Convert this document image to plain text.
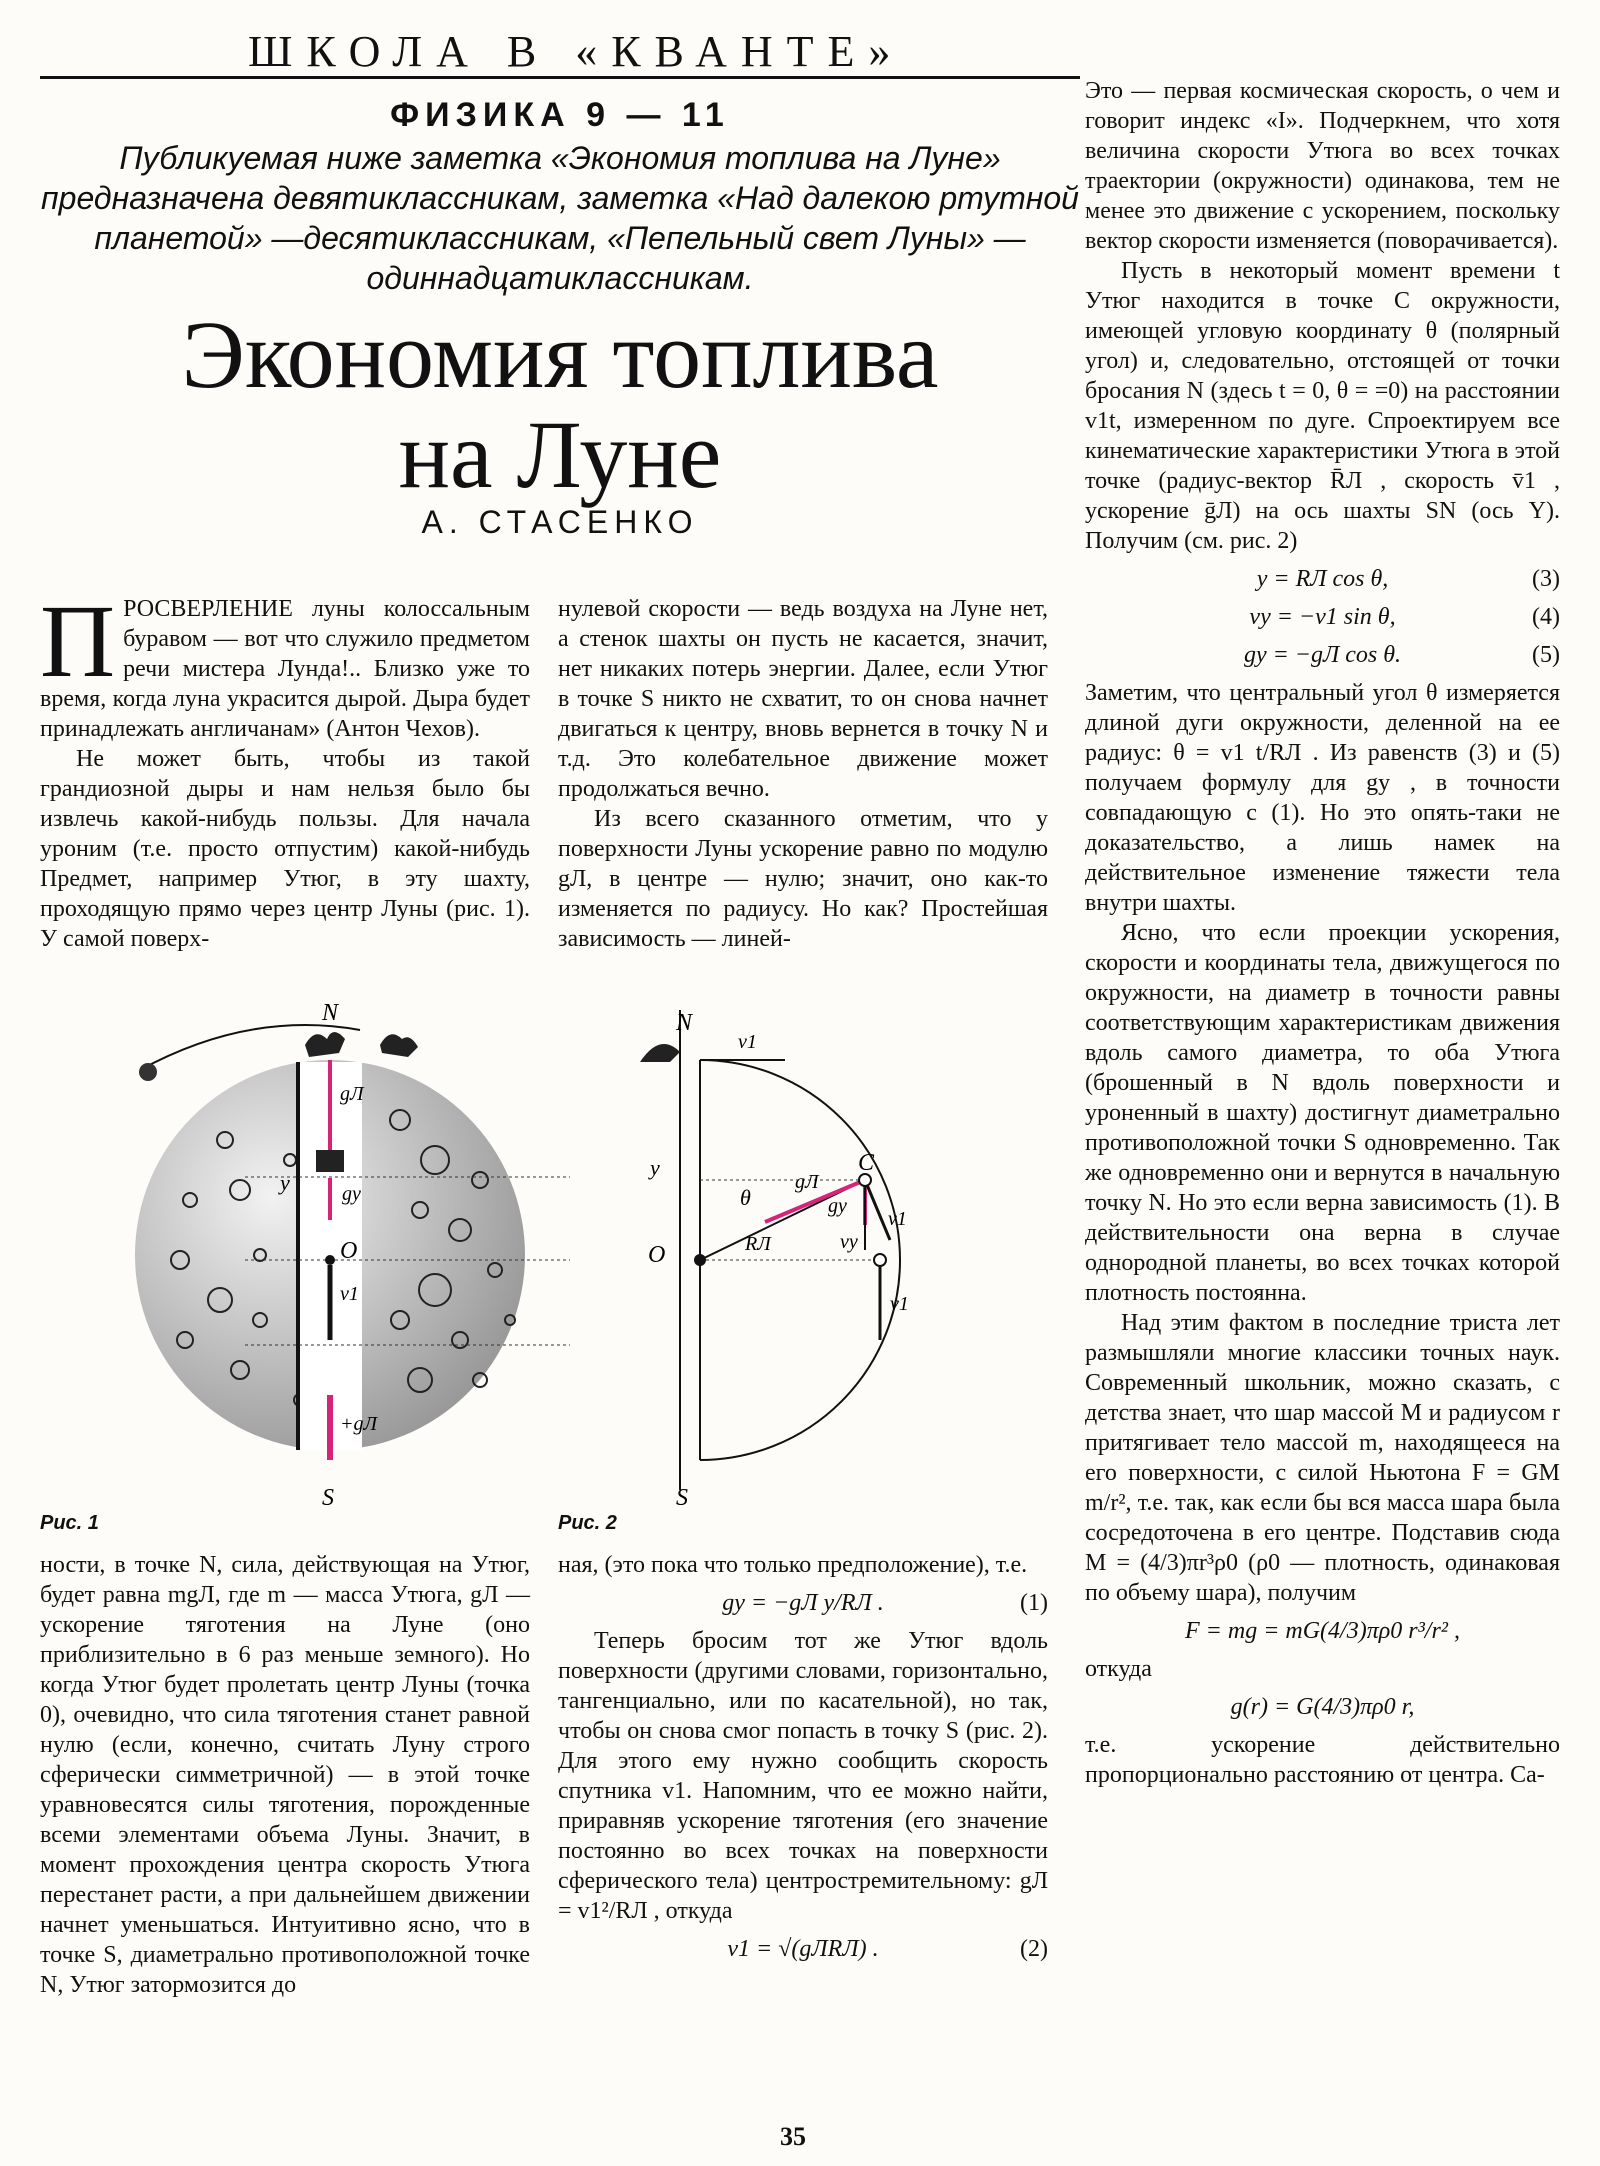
ШКОЛА В «КВАНТЕ»
ФИЗИКА 9 — 11
Публикуемая ниже заметка «Экономия топлива на Луне» предназначена девятиклассникам, заметка «Над далекою ртутной планетой» —десятиклассникам, «Пепельный свет Луны» — одиннадцатиклассникам.
Экономия топлива
на Луне
А. СТАСЕНКО

ПРОСВЕРЛЕНИЕ луны колоссальным буравом — вот что служило предметом речи мистера Лунда!.. Близко уже то время, когда луна украсится дырой. Дыра будет принадлежать англичанам» (Антон Чехов).

Не может быть, чтобы из такой грандиозной дыры и нам нельзя было бы извлечь какой-нибудь пользы. Для начала уроним (т.е. просто отпустим) какой-нибудь Предмет, например Утюг, в эту шахту, проходящую прямо через центр Луны (рис. 1). У самой поверх-

нулевой скорости — ведь воздуха на Луне нет, а стенок шахты он пусть не касается, значит, нет никаких потерь энергии. Далее, если Утюг в точке S никто не схватит, то он снова начнет двигаться к центру, вновь вернется в точку N и т.д. Это колебательное движение может продолжаться вечно.

Из всего сказанного отметим, что у поверхности Луны ускорение равно по модулю gЛ, в центре — нулю; значит, оно как-то изменяется по радиусу. Но как? Простейшая зависимость — линей-

N
S
O
y
gЛ
gy
v1
+gЛ
Рис. 1
N
S
O
C
y
θ
gЛ
gy
v1
vy
RЛ
v1
v1
Рис. 2

ности, в точке N, сила, действующая на Утюг, будет равна mgЛ, где m — масса Утюга, gЛ — ускорение тяготения на Луне (оно приблизительно в 6 раз меньше земного). Но когда Утюг будет пролетать центр Луны (точка 0), очевидно, что сила тяготения станет равной нулю (если, конечно, считать Луну строго сферически симметричной) — в этой точке уравновесятся силы тяготения, порожденные всеми элементами объема Луны. Значит, в момент прохождения центра скорость Утюга перестанет расти, а при дальнейшем движении начнет уменьшаться. Интуитивно ясно, что в точке S, диаметрально противоположной точке N, Утюг затормозится до

ная, (это пока что только предположение), т.е.

gy = −gЛ y/RЛ .	(1)

Теперь бросим тот же Утюг вдоль поверхности (другими словами, горизонтально, тангенциально, или по касательной), но так, чтобы он снова смог попасть в точку S (рис. 2). Для этого ему нужно сообщить скорость спутника v1. Напомним, что ее можно найти, приравняв ускорение тяготения (его значение постоянно во всех точках на поверхности сферического тела) центростремительному: gЛ = v1²/RЛ , откуда

v1 = √(gЛRЛ) .	(2)

Это — первая космическая скорость, о чем и говорит индекс «I». Подчеркнем, что хотя величина скорости Утюга во всех точках траектории (окружности) одинакова, тем не менее это движение с ускорением, поскольку вектор скорости изменяется (поворачивается).

Пусть в некоторый момент времени t Утюг находится в точке C окружности, имеющей угловую координату θ (полярный угол) и, следовательно, отстоящей от точки бросания N (здесь t = 0, θ = =0) на расстоянии v1t, измеренном по дуге. Спроектируем все кинематические характеристики Утюга в этой точке (радиус-вектор R̄Л , скорость v̄1 , ускорение ḡЛ) на ось шахты SN (ось Y). Получим (см. рис. 2)

y = RЛ cos θ,	(3)
vy = −v1 sin θ,	(4)
gy = −gЛ cos θ.	(5)

Заметим, что центральный угол θ измеряется длиной дуги окружности, деленной на ее радиус: θ = v1 t/RЛ . Из равенств (3) и (5) получаем формулу для gy , в точности совпадающую с (1). Но это опять-таки не доказательство, а лишь намек на действительное изменение тяжести тела внутри шахты.

Ясно, что если проекции ускорения, скорости и координаты тела, движущегося по окружности, на диаметр в точности равны соответствующим характеристикам движения вдоль самого диаметра, то оба Утюга (брошенный в N вдоль поверхности и уроненный в шахту) достигнут диаметрально противоположной точки S одновременно. Так же одновременно они и вернутся в начальную точку N. Но это если верна зависимость (1). В действительности она верна в случае однородной планеты, во всех точках которой плотность постоянна.

Над этим фактом в последние триста лет размышляли многие классики точных наук. Современный школьник, можно сказать, с детства знает, что шар массой M и радиусом r притягивает тело массой m, находящееся на его поверхности, с силой Ньютона F = GM m/r², т.е. так, как если бы вся масса шара была сосредоточена в его центре. Подставив сюда M = (4/3)πr³ρ0 (ρ0 — плотность, одинаковая по объему шара), получим

F = mg = mG(4/3)πρ0 r³/r² ,

откуда

g(r) = G(4/3)πρ0 r,

т.е. ускорение действительно пропорционально расстоянию от центра. Са-

35
